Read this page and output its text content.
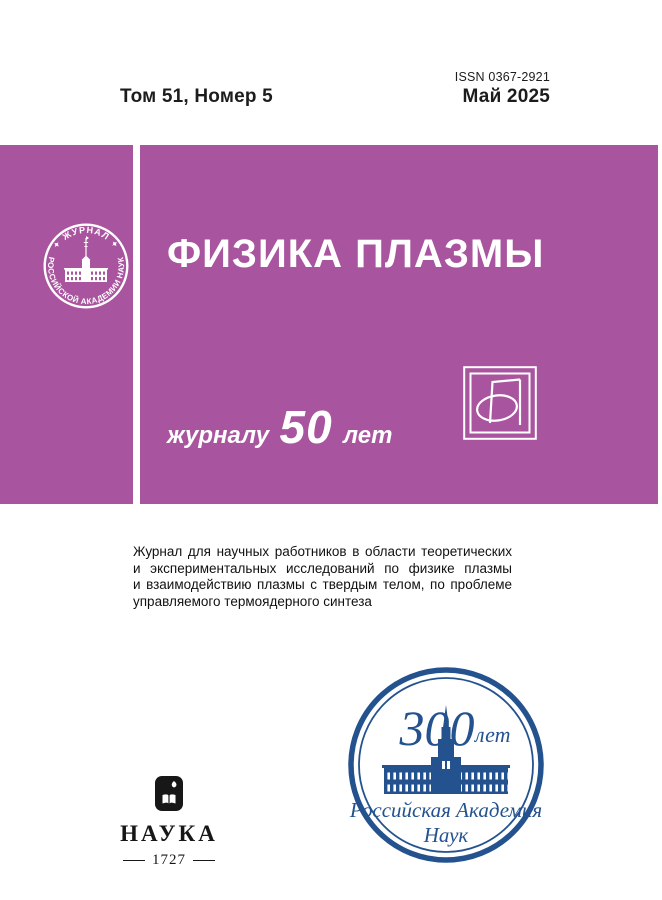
Том 51, Номер 5
ISSN 0367-2921
Май 2025
✦ ЖУРНАЛ ✦
РОССИЙСКОЙ АКАДЕМИИ НАУК ФИЗИКА ПЛАЗМЫ
журналу 50 лет
Журнал для научных работников в области теоретических
и экспериментальных исследований по физике плазмы
и взаимодействию плазмы с твердым телом, по проблеме
управляемого термоядерного синтеза
НАУКА
1727
300 лет
Российская Академия
Наук
